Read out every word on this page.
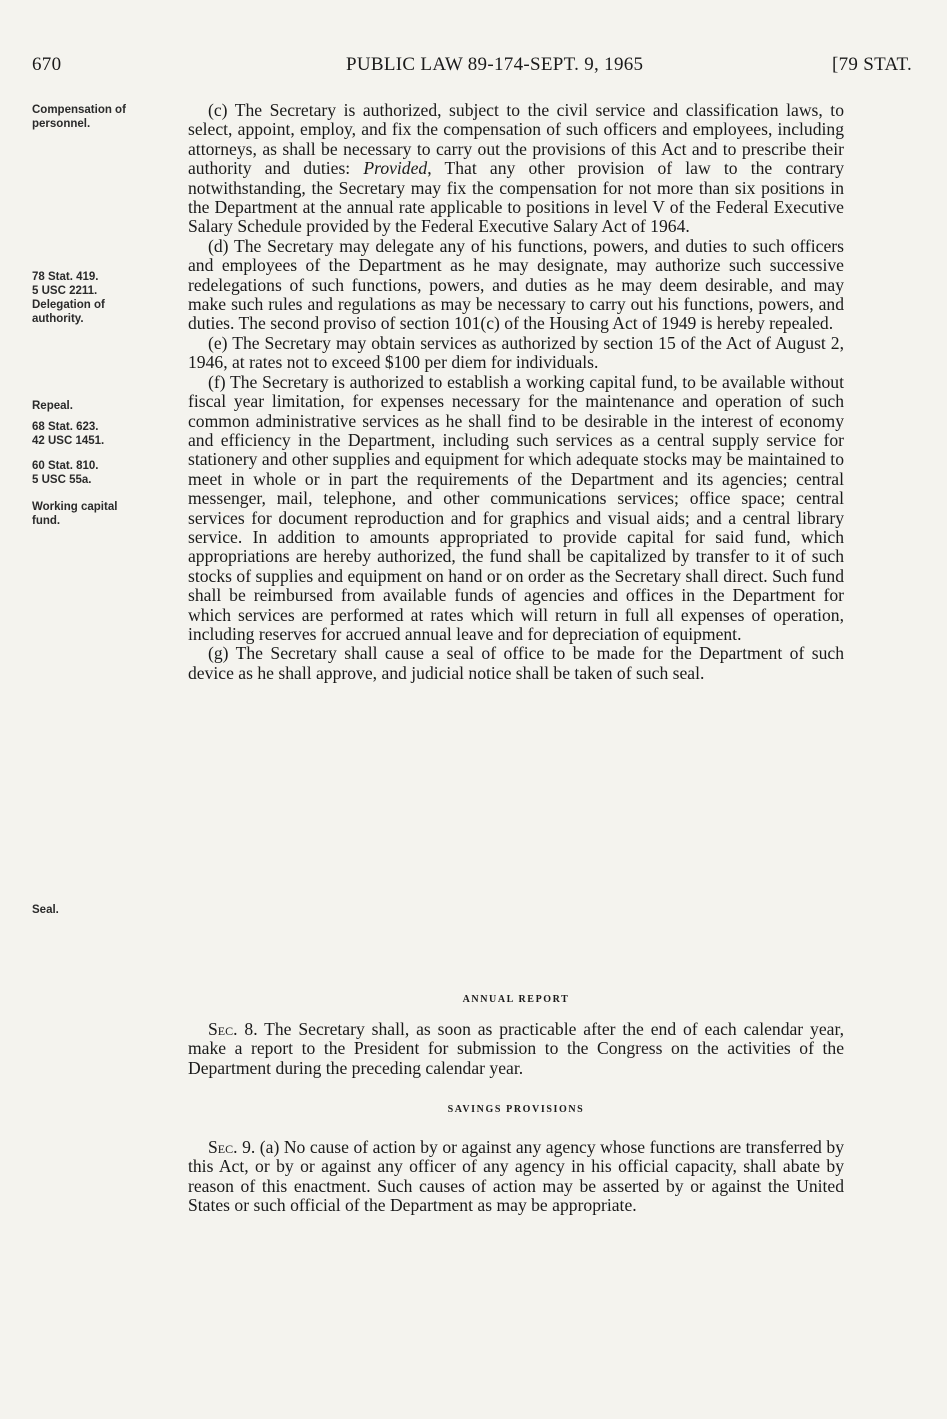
670	PUBLIC LAW 89-174-SEPT. 9, 1965	[79 STAT.
Compensation of
personnel.
78 Stat. 419.
5 USC 2211.
Delegation of
authority.
Repeal.
68 Stat. 623.
42 USC 1451.
60 Stat. 810.
5 USC 55a.
Working capital
fund.
Seal.

(c) The Secretary is authorized, subject to the civil service and classification laws, to select, appoint, employ, and fix the compensation of such officers and employees, including attorneys, as shall be necessary to carry out the provisions of this Act and to prescribe their authority and duties: Provided, That any other provision of law to the contrary notwithstanding, the Secretary may fix the compensation for not more than six positions in the Department at the annual rate applicable to positions in level V of the Federal Executive Salary Schedule provided by the Federal Executive Salary Act of 1964.

(d) The Secretary may delegate any of his functions, powers, and duties to such officers and employees of the Department as he may designate, may authorize such successive redelegations of such functions, powers, and duties as he may deem desirable, and may make such rules and regulations as may be necessary to carry out his functions, powers, and duties. The second proviso of section 101(c) of the Housing Act of 1949 is hereby repealed.

(e) The Secretary may obtain services as authorized by section 15 of the Act of August 2, 1946, at rates not to exceed $100 per diem for individuals.

(f) The Secretary is authorized to establish a working capital fund, to be available without fiscal year limitation, for expenses necessary for the maintenance and operation of such common administrative services as he shall find to be desirable in the interest of economy and efficiency in the Department, including such services as a central supply service for stationery and other supplies and equipment for which adequate stocks may be maintained to meet in whole or in part the requirements of the Department and its agencies; central messenger, mail, telephone, and other communications services; office space; central services for document reproduction and for graphics and visual aids; and a central library service. In addition to amounts appropriated to provide capital for said fund, which appropriations are hereby authorized, the fund shall be capitalized by transfer to it of such stocks of supplies and equipment on hand or on order as the Secretary shall direct. Such fund shall be reimbursed from available funds of agencies and offices in the Department for which services are performed at rates which will return in full all expenses of operation, including reserves for accrued annual leave and for depreciation of equipment.

(g) The Secretary shall cause a seal of office to be made for the Department of such device as he shall approve, and judicial notice shall be taken of such seal.

ANNUAL REPORT

Sec. 8. The Secretary shall, as soon as practicable after the end of each calendar year, make a report to the President for submission to the Congress on the activities of the Department during the preceding calendar year.

SAVINGS PROVISIONS

Sec. 9. (a) No cause of action by or against any agency whose functions are transferred by this Act, or by or against any officer of any agency in his official capacity, shall abate by reason of this enactment. Such causes of action may be asserted by or against the United States or such official of the Department as may be appropriate.
